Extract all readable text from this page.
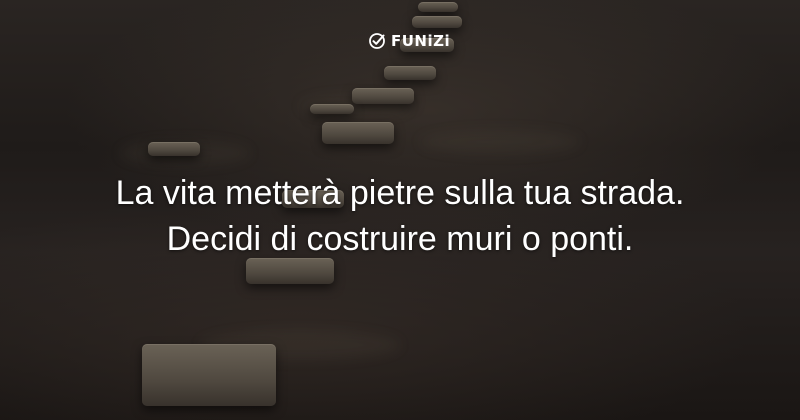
FUNiZi
La vita metterà pietre sulla tua strada.
Decidi di costruire muri o ponti.
